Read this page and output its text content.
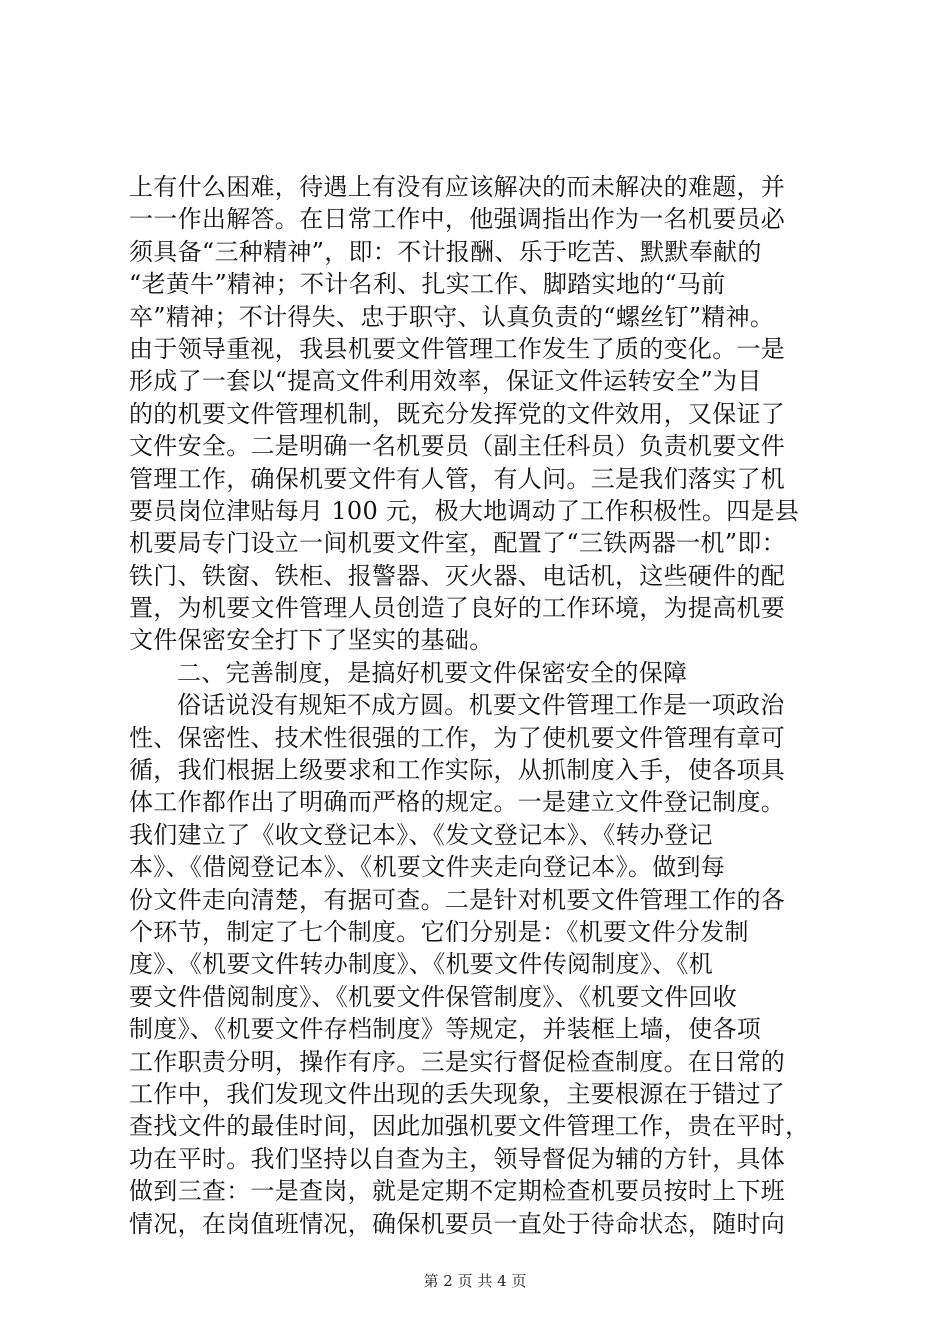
上有什么困难，待遇上有没有应该解决的而未解决的难题，并
一一作出解答。在日常工作中，他强调指出作为一名机要员必
须具备“三种精神”，即：不计报酬、乐于吃苦、默默奉献的
“老黄牛”精神；不计名利、扎实工作、脚踏实地的“马前
卒”精神；不计得失、忠于职守、认真负责的“螺丝钉”精神。
由于领导重视，我县机要文件管理工作发生了质的变化。一是
形成了一套以“提高文件利用效率，保证文件运转安全”为目
的的机要文件管理机制，既充分发挥党的文件效用，又保证了
文件安全。二是明确一名机要员（副主任科员）负责机要文件
管理工作，确保机要文件有人管，有人问。三是我们落实了机
要员岗位津贴每月 100 元，极大地调动了工作积极性。四是县
机要局专门设立一间机要文件室，配置了“三铁两器一机”即：
铁门、铁窗、铁柜、报警器、灭火器、电话机，这些硬件的配
置，为机要文件管理人员创造了良好的工作环境，为提高机要
文件保密安全打下了坚实的基础。
二、完善制度，是搞好机要文件保密安全的保障
俗话说没有规矩不成方圆。机要文件管理工作是一项政治
性、保密性、技术性很强的工作，为了使机要文件管理有章可
循，我们根据上级要求和工作实际，从抓制度入手，使各项具
体工作都作出了明确而严格的规定。一是建立文件登记制度。
我们建立了《收文登记本》、《发文登记本》、《转办登记
本》、《借阅登记本》、《机要文件夹走向登记本》。做到每
份文件走向清楚，有据可查。二是针对机要文件管理工作的各
个环节，制定了七个制度。它们分别是：《机要文件分发制
度》、《机要文件转办制度》、《机要文件传阅制度》、《机
要文件借阅制度》、《机要文件保管制度》、《机要文件回收
制度》、《机要文件存档制度》等规定，并装框上墙，使各项
工作职责分明，操作有序。三是实行督促检查制度。在日常的
工作中，我们发现文件出现的丢失现象，主要根源在于错过了
查找文件的最佳时间，因此加强机要文件管理工作，贵在平时，
功在平时。我们坚持以自查为主，领导督促为辅的方针，具体
做到三查：一是查岗，就是定期不定期检查机要员按时上下班
情况，在岗值班情况，确保机要员一直处于待命状态，随时向
第 2 页 共 4 页
